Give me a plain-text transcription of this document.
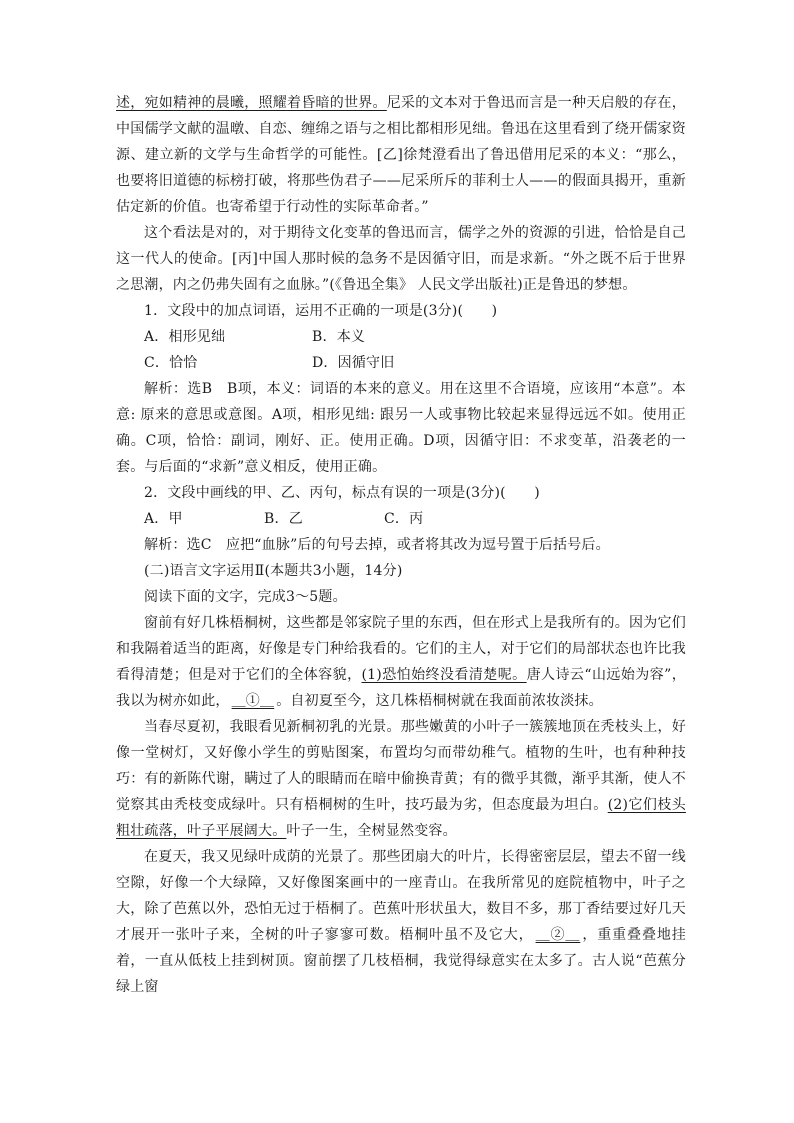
述，宛如精神的晨曦，照耀着昏暗的世界。尼采的文本对于鲁迅而言是一种天启般的存在，中国儒学文献的温暾、自恋、缠绵之语与之相比都相形见绌。鲁迅在这里看到了绕开儒家资源、建立新的文学与生命哲学的可能性。[乙]徐梵澄看出了鲁迅借用尼采的本义：“那么，也要将旧道德的标榜打破，将那些伪君子——尼采所斥的菲利士人——的假面具揭开，重新估定新的价值。也寄希望于行动性的实际革命者。”

这个看法是对的，对于期待文化变革的鲁迅而言，儒学之外的资源的引进，恰恰是自己这一代人的使命。[丙]中国人那时候的急务不是因循守旧，而是求新。“外之既不后于世界之思潮，内之仍弗失固有之血脉。”(《鲁迅全集》 人民文学出版社)正是鲁迅的梦想。

1．文段中的加点词语，运用不正确的一项是(3分)(　　)

A．相形见绌	B．本义

C．恰恰	D．因循守旧

解析：选B　B项，本义：词语的本来的意义。用在这里不合语境，应该用“本意”。本意: 原来的意思或意图。A项，相形见绌: 跟另一人或事物比较起来显得远远不如。使用正确。C项，恰恰：副词，刚好、正。使用正确。D项，因循守旧：不求变革，沿袭老的一套。与后面的“求新”意义相反，使用正确。

2．文段中画线的甲、乙、丙句，标点有误的一项是(3分)(　　)

A．甲	B．乙	C．丙

解析：选C　应把“血脉”后的句号去掉，或者将其改为逗号置于后括号后。

(二)语言文字运用Ⅱ(本题共3小题，14分)

阅读下面的文字，完成3～5题。

窗前有好几株梧桐树，这些都是邻家院子里的东西，但在形式上是我所有的。因为它们和我隔着适当的距离，好像是专门种给我看的。它们的主人，对于它们的局部状态也许比我看得清楚；但是对于它们的全体容貌，(1)恐怕始终没看清楚呢。唐人诗云“山远始为容”，我以为树亦如此， ＿①＿ 。自初夏至今，这几株梧桐树就在我面前浓妆淡抹。

当春尽夏初，我眼看见新桐初乳的光景。那些嫩黄的小叶子一簇簇地顶在秃枝头上，好像一堂树灯，又好像小学生的剪贴图案，布置均匀而带幼稚气。植物的生叶，也有种种技巧：有的新陈代谢，瞒过了人的眼睛而在暗中偷换青黄；有的微乎其微，渐乎其渐，使人不觉察其由秃枝变成绿叶。只有梧桐树的生叶，技巧最为劣，但态度最为坦白。(2)它们枝头粗壮疏落，叶子平展阔大。叶子一生，全树显然变容。

在夏天，我又见绿叶成荫的光景了。那些团扇大的叶片，长得密密层层，望去不留一线空隙，好像一个大绿障，又好像图案画中的一座青山。在我所常见的庭院植物中，叶子之大，除了芭蕉以外，恐怕无过于梧桐了。芭蕉叶形状虽大，数目不多，那丁香结要过好几天才展开一张叶子来，全树的叶子寥寥可数。梧桐叶虽不及它大， ＿②＿ ，重重叠叠地挂着，一直从低枝上挂到树顶。窗前摆了几枝梧桐，我觉得绿意实在太多了。古人说“芭蕉分绿上窗
